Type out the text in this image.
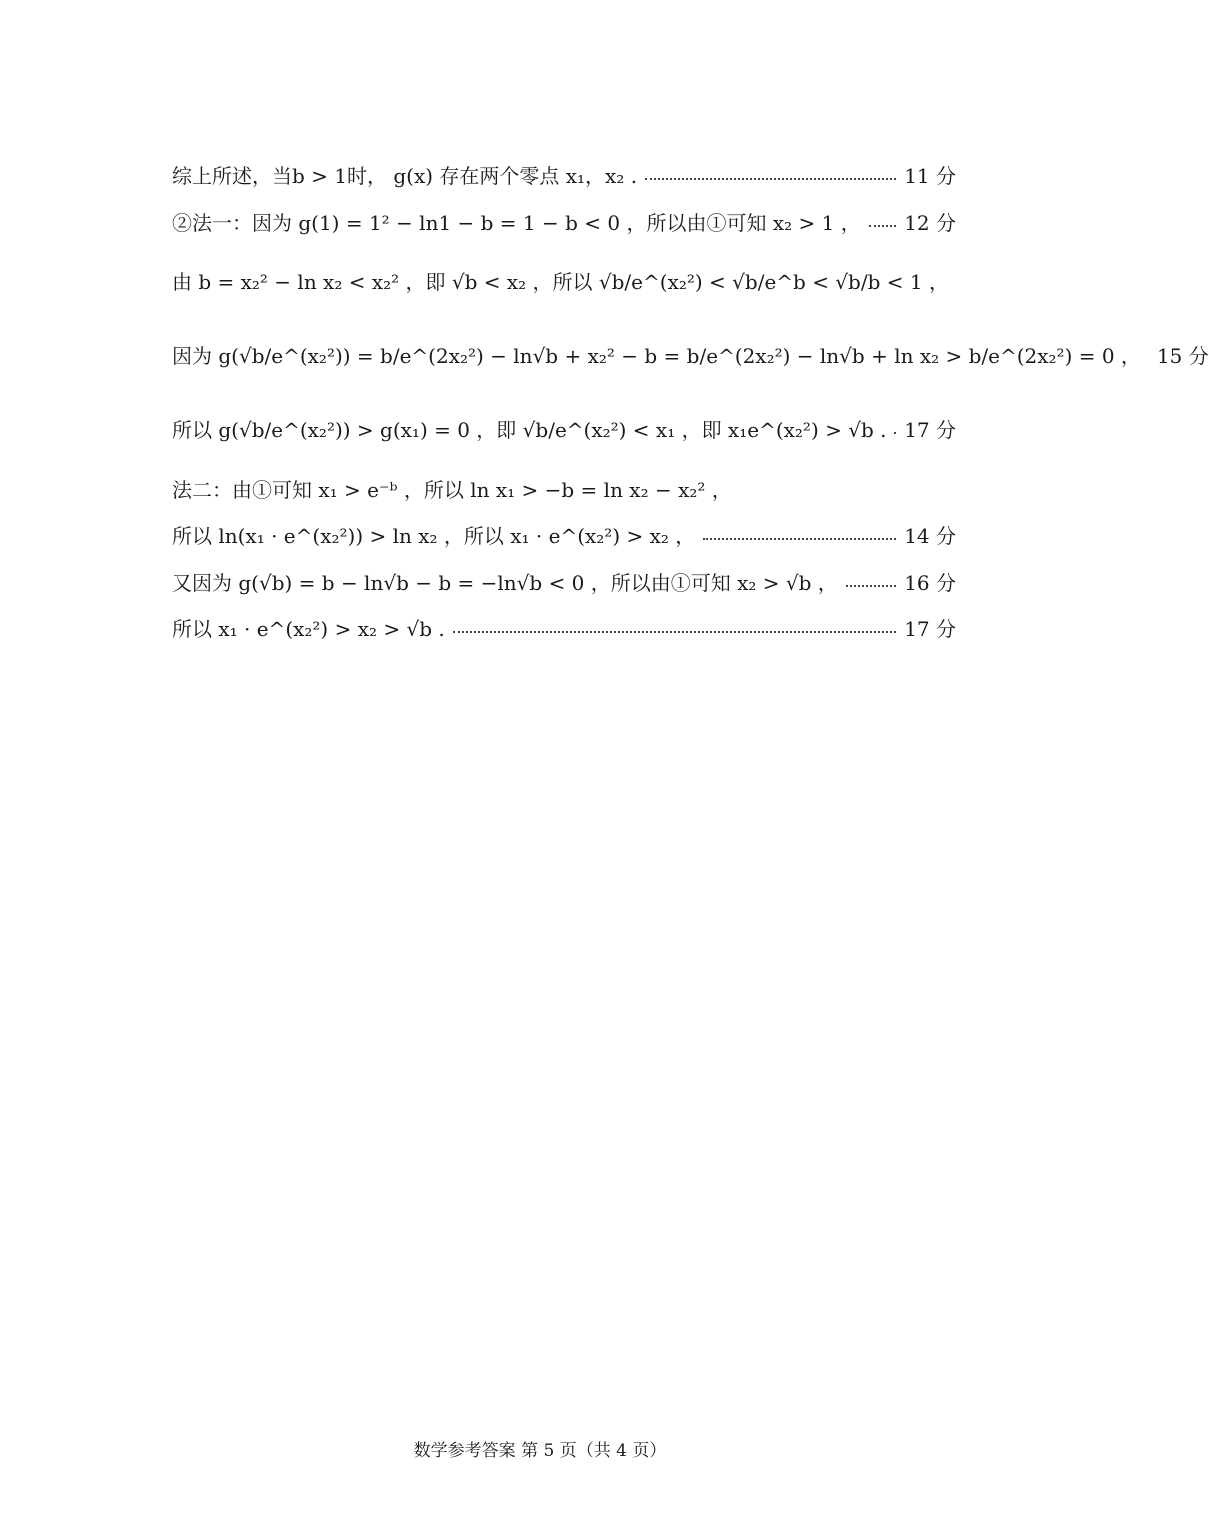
综上所述，当b > 1时， g(x) 存在两个零点 x₁，x₂ .	11 分
②法一：因为 g(1) = 1² − ln1 − b = 1 − b < 0 ，所以由①可知 x₂ > 1 ， 12 分
由 b = x₂² − ln x₂ < x₂² ，即 √b < x₂ ，所以 √b/e^(x₂²) < √b/e^b < √b/b < 1 ，
因为 g(√b/e^(x₂²)) = b/e^(2x₂²) − ln√b + x₂² − b = b/e^(2x₂²) − ln√b + ln x₂ > b/e^(2x₂²) = 0 ， 15 分
所以 g(√b/e^(x₂²)) > g(x₁) = 0 ，即 √b/e^(x₂²) < x₁ ，即 x₁e^(x₂²) > √b . 17 分
法二：由①可知 x₁ > e⁻ᵇ ，所以 ln x₁ > −b = ln x₂ − x₂² ，
所以 ln(x₁ · e^(x₂²)) > ln x₂ ，所以 x₁ · e^(x₂²) > x₂ ，	14 分
又因为 g(√b) = b − ln√b − b = −ln√b < 0 ，所以由①可知 x₂ > √b ，	16 分
所以 x₁ · e^(x₂²) > x₂ > √b .	17 分
数学参考答案 第 5 页（共 4 页）
